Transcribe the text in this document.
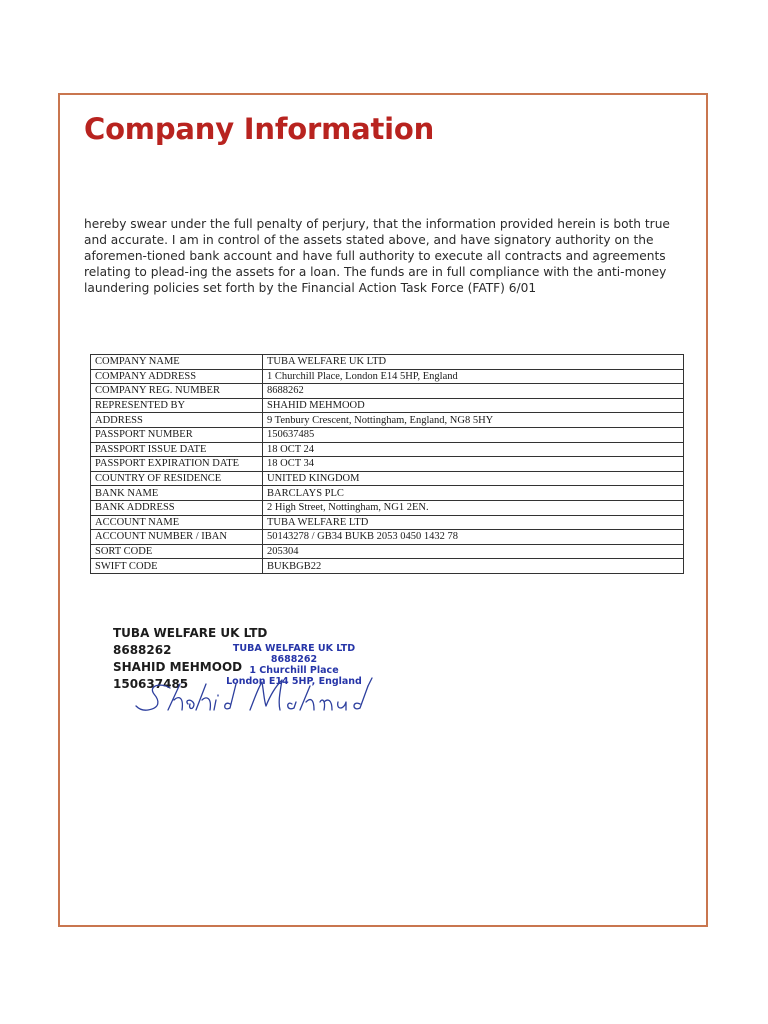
Company Information

hereby swear under the full penalty of perjury, that the information provided herein is both true and accurate. I am in control of the assets stated above, and have signatory authority on the aforemen-tioned bank account and have full authority to execute all contracts and agreements relating to plead-ing the assets for a loan. The funds are in full compliance with the anti-money laundering policies set forth by the Financial Action Task Force (FATF) 6/01

COMPANY NAME	TUBA WELFARE UK LTD
COMPANY ADDRESS	1 Churchill Place, London E14 5HP, England
COMPANY REG. NUMBER	8688262
REPRESENTED BY	SHAHID MEHMOOD
ADDRESS	9 Tenbury Crescent, Nottingham, England, NG8 5HY
PASSPORT NUMBER	150637485
PASSPORT ISSUE DATE	18 OCT 24
PASSPORT EXPIRATION DATE	18 OCT 34
COUNTRY OF RESIDENCE	UNITED KINGDOM
BANK NAME	BARCLAYS PLC
BANK ADDRESS	2 High Street, Nottingham, NG1 2EN.
ACCOUNT NAME	TUBA WELFARE LTD
ACCOUNT NUMBER / IBAN	50143278 / GB34 BUKB 2053 0450 1432 78
SORT CODE	205304
SWIFT CODE	BUKBGB22
TUBA WELFARE UK LTD
8688262
SHAHID MEHMOOD
150637485
TUBA WELFARE UK LTD
8688262
1 Churchill Place
London E14 5HP, England
